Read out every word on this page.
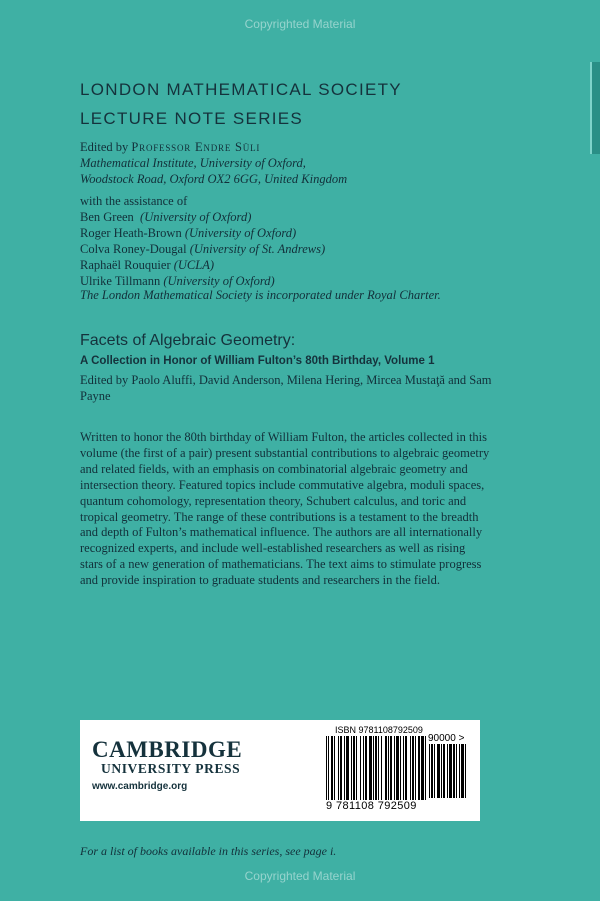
Copyrighted Material
LONDON MATHEMATICAL SOCIETY
LECTURE NOTE SERIES
Edited by Professor Endre Süli
Mathematical Institute, University of Oxford,
Woodstock Road, Oxford OX2 6GG, United Kingdom
with the assistance of
Ben Green (University of Oxford)
Roger Heath-Brown (University of Oxford)
Colva Roney-Dougal (University of St. Andrews)
Raphaël Rouquier (UCLA)
Ulrike Tillmann (University of Oxford)
The London Mathematical Society is incorporated under Royal Charter.
Facets of Algebraic Geometry:
A Collection in Honor of William Fulton’s 80th Birthday, Volume 1
Edited by Paolo Aluffi, David Anderson, Milena Hering, Mircea Mustaţă and Sam Payne
Written to honor the 80th birthday of William Fulton, the articles collected in this volume (the first of a pair) present substantial contributions to algebraic geometry and related fields, with an emphasis on combinatorial algebraic geometry and intersection theory. Featured topics include commutative algebra, moduli spaces, quantum cohomology, representation theory, Schubert calculus, and toric and tropical geometry. The range of these contributions is a testament to the breadth and depth of Fulton’s mathematical influence. The authors are all internationally recognized experts, and include well-established researchers as well as rising stars of a new generation of mathematicians. The text aims to stimulate progress and provide inspiration to graduate students and researchers in the field.
CAMBRIDGE
UNIVERSITY PRESS
www.cambridge.org
ISBN 9781108792509
90000 >
9 781108 792509
For a list of books available in this series, see page i.
Copyrighted Material
